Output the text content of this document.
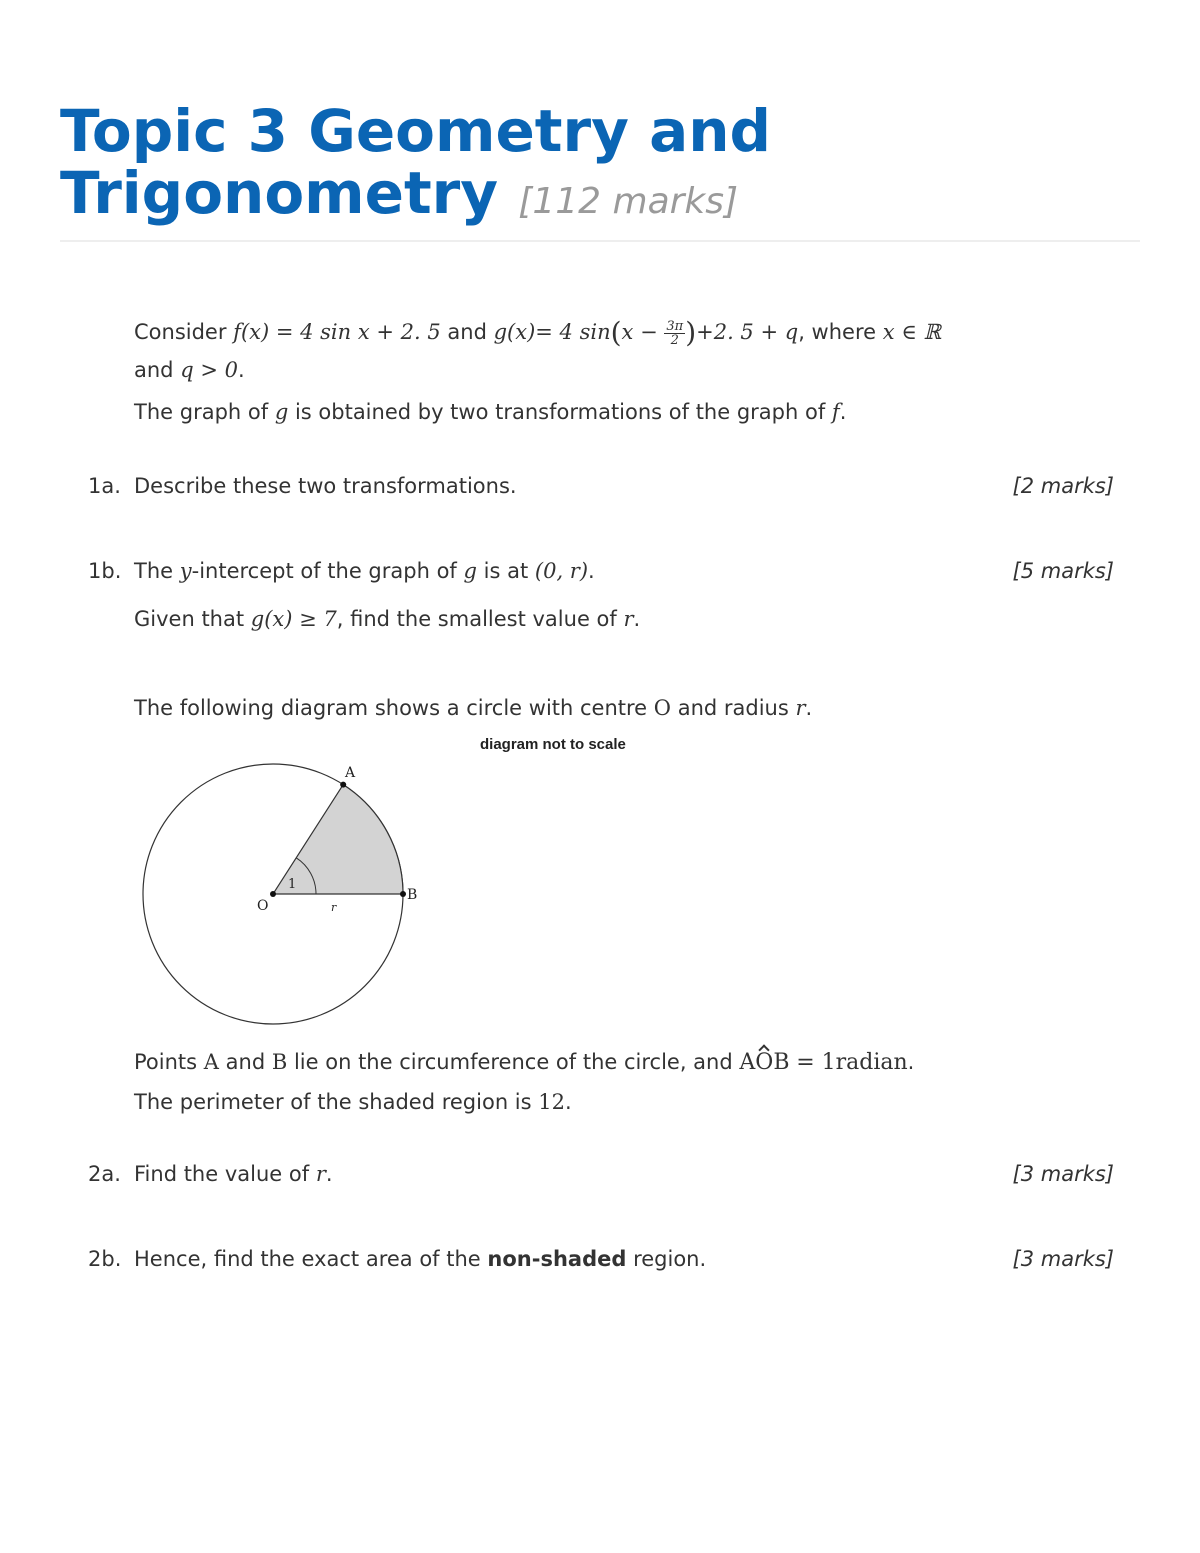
Topic 3 Geometry and Trigonometry [112 marks]
Consider f(x) = 4 sin x + 2. 5 and g(x)= 4 $\sin(x - \frac{3\pi}{2} )+2$. 5 + q, where x ∈ ℝ
and q > 0.
The graph of g is obtained by two transformations of the graph of f.
1a. Describe these two transformations.	[2 marks]
1b. The y-intercept of the graph of g is at (0, r).	[5 marks]
Given that g(x) ≥ 7, find the smallest value of r.
The following diagram shows a circle with centre O and radius r.
diagram not to scale
A
B
O	r
1
Points A and B lie on the circumference of the circle, and AOB = 1radian.
The perimeter of the shaded region is 12.
2a. Find the value of r.	[3 marks]
2b. Hence, find the exact area of the non-shaded region.	[3 marks]
